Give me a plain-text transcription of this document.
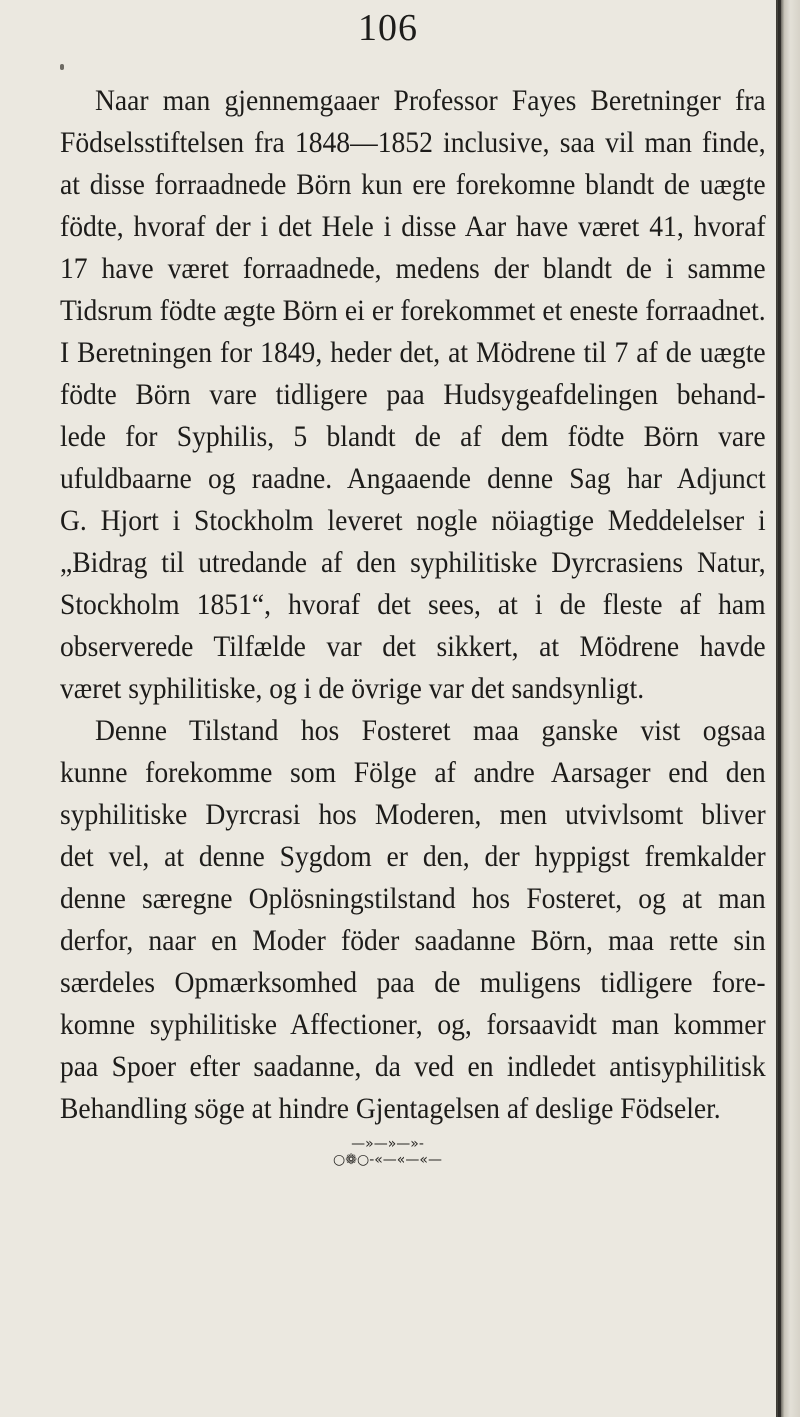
106
Naar man gjennemgaaer Professor Fayes Beretninger fra
Födselsstiftelsen fra 1848—1852 inclusive, saa vil man finde,
at disse forraadnede Börn kun ere forekomne blandt de uægte
födte, hvoraf der i det Hele i disse Aar have været 41, hvoraf
17 have været forraadnede, medens der blandt de i samme
Tidsrum födte ægte Börn ei er forekommet et eneste forraadnet.
I Beretningen for 1849, heder det, at Mödrene til 7 af de uægte
födte Börn vare tidligere paa Hudsygeafdelingen behand-
lede for Syphilis, 5 blandt de af dem födte Börn vare
ufuldbaarne og raadne. Angaaende denne Sag har Adjunct
G. Hjort i Stockholm leveret nogle nöiagtige Meddelelser i
„Bidrag til utredande af den syphilitiske Dyrcrasiens Natur,
Stockholm 1851“, hvoraf det sees, at i de fleste af ham
observerede Tilfælde var det sikkert, at Mödrene havde
været syphilitiske, og i de övrige var det sandsynligt.
Denne Tilstand hos Fosteret maa ganske vist ogsaa
kunne forekomme som Fölge af andre Aarsager end den
syphilitiske Dyrcrasi hos Moderen, men utvivlsomt bliver
det vel, at denne Sygdom er den, der hyppigst fremkalder
denne særegne Oplösningstilstand hos Fosteret, og at man
derfor, naar en Moder föder saadanne Börn, maa rette sin
særdeles Opmærksomhed paa de muligens tidligere fore-
komne syphilitiske Affectioner, og, forsaavidt man kommer
paa Spoer efter saadanne, da ved en indledet antisyphilitisk
Behandling söge at hindre Gjentagelsen af deslige Födseler.
—»—»—»-○❁○-«—«—«—
